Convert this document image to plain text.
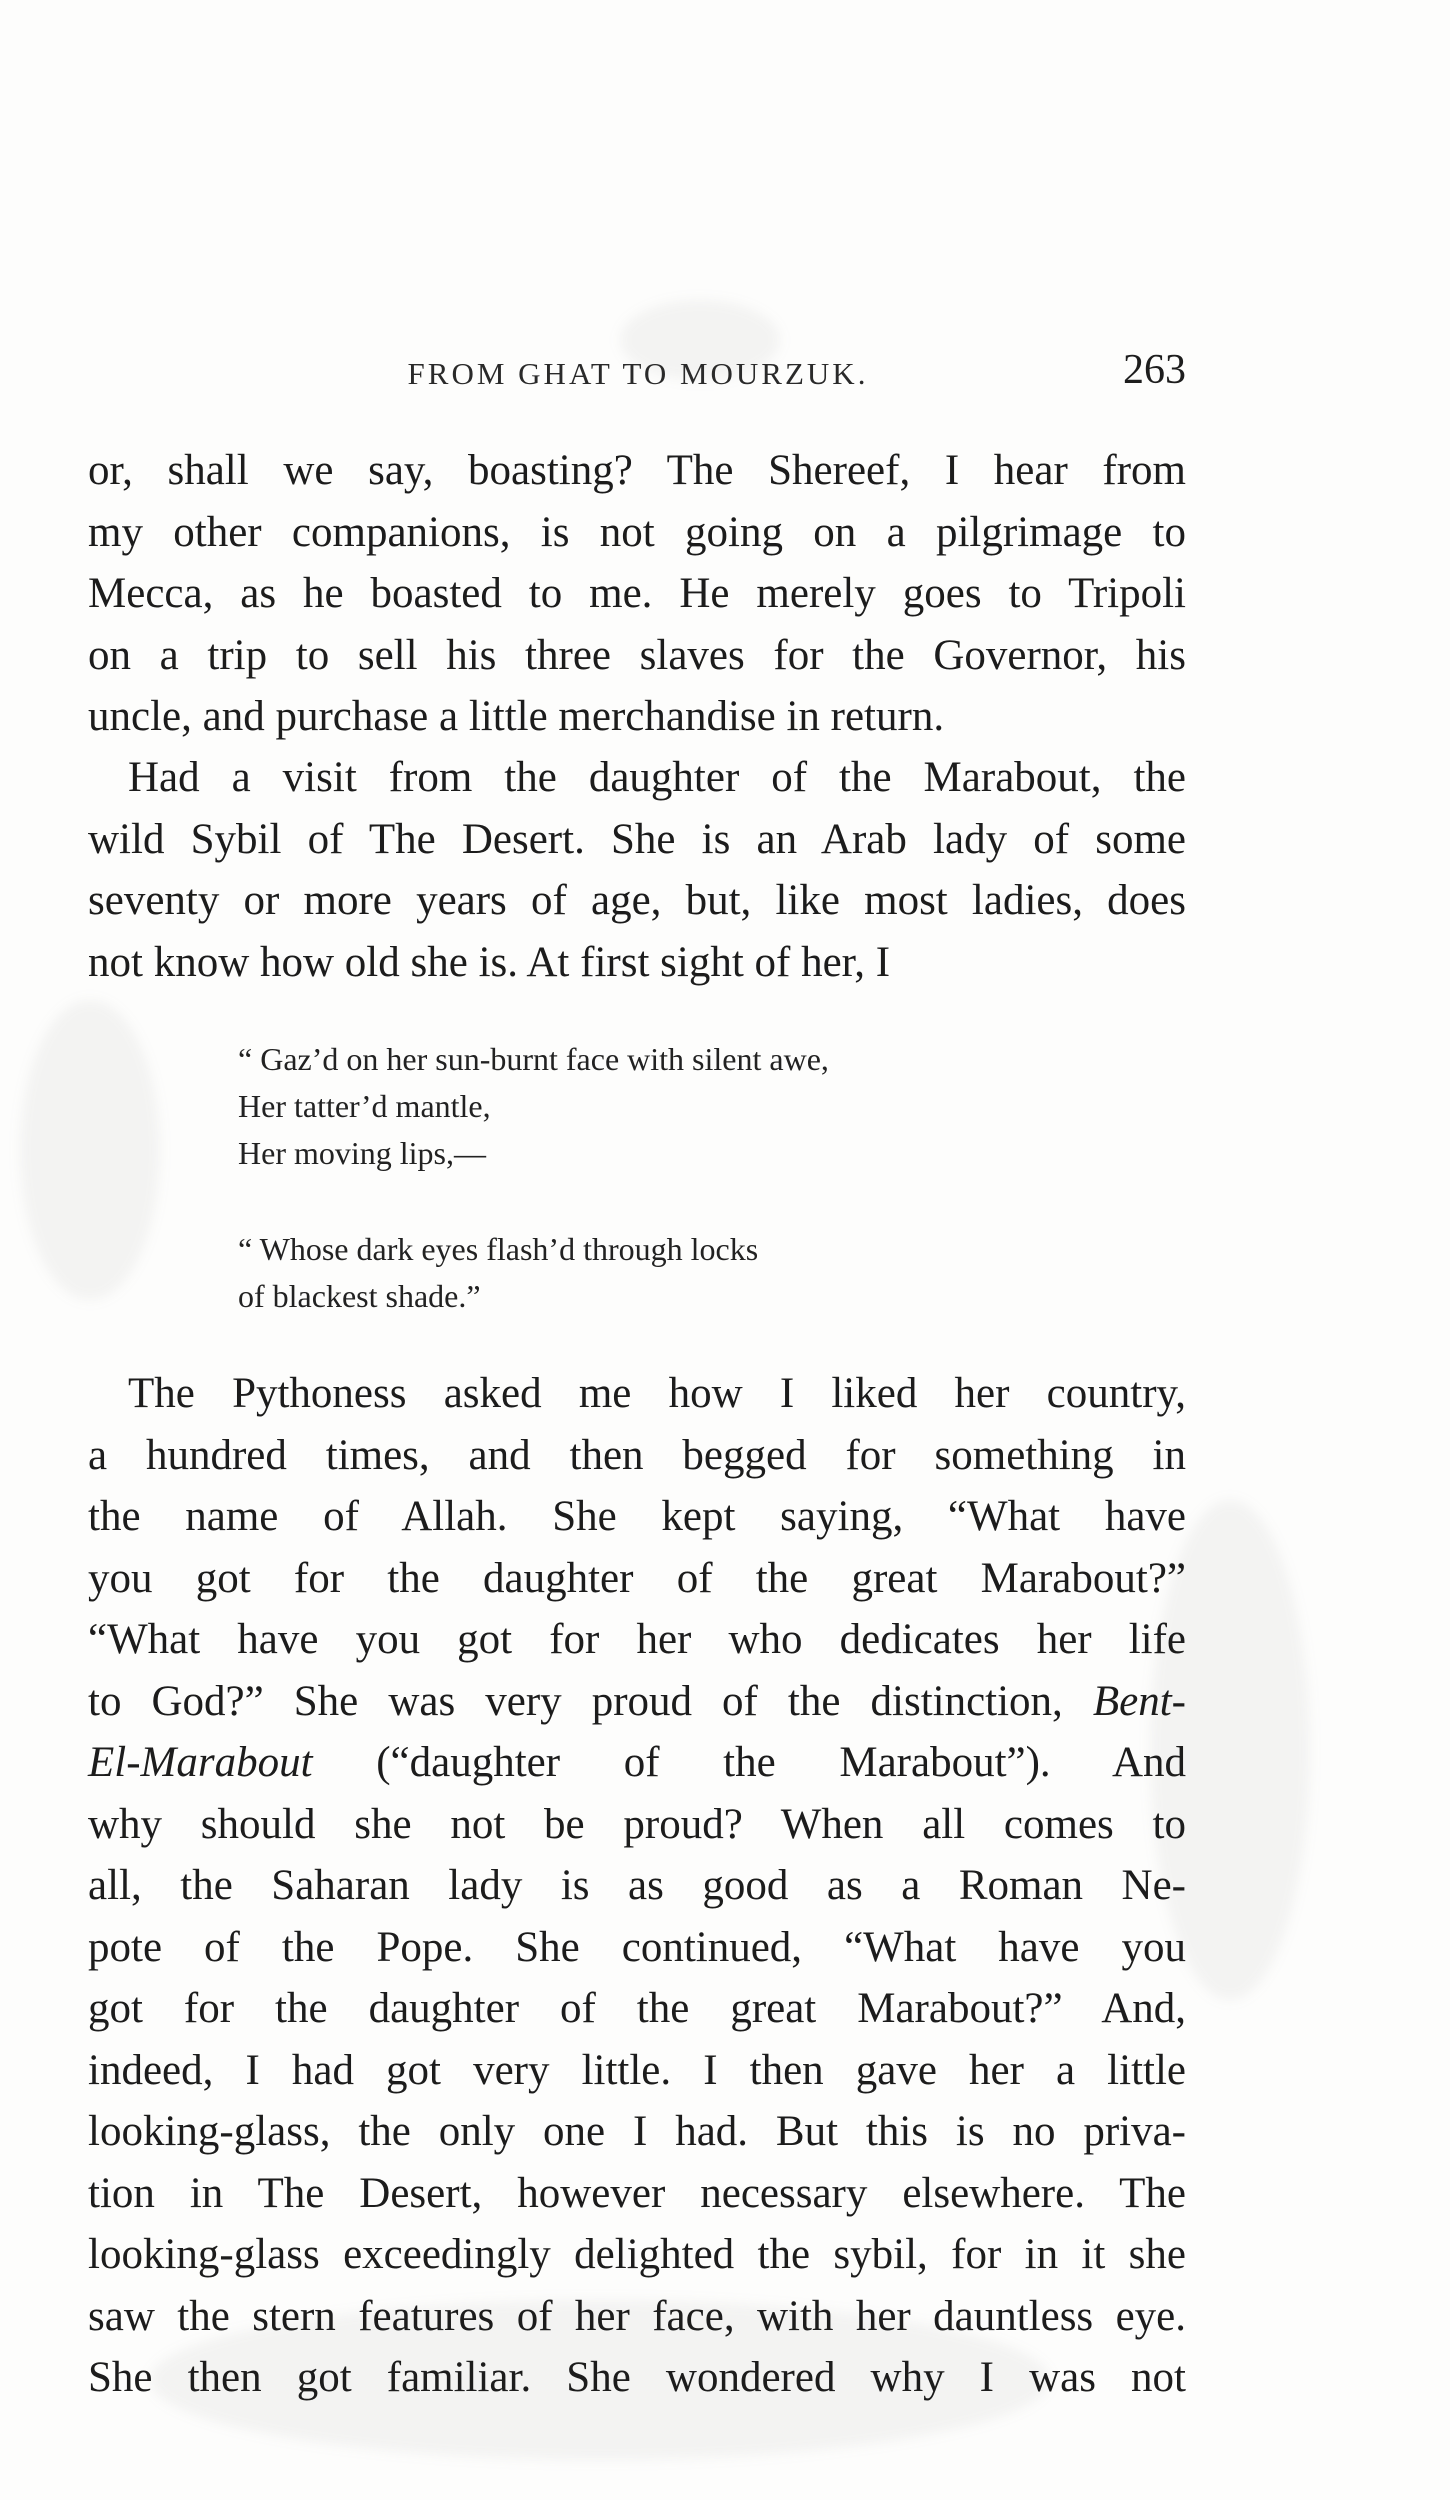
FROM GHAT TO MOURZUK.	263
or, shall we say, boasting? The Shereef, I hear from
my other companions, is not going on a pilgrimage to
Mecca, as he boasted to me. He merely goes to Tripoli
on a trip to sell his three slaves for the Governor, his
uncle, and purchase a little merchandise in return.
Had a visit from the daughter of the Marabout, the
wild Sybil of The Desert. She is an Arab lady of some
seventy or more years of age, but, like most ladies, does
not know how old she is. At first sight of her, I
“ Gaz’d on her sun-burnt face with silent awe,
Her tatter’d mantle,
Her moving lips,—
“ Whose dark eyes flash’d through locks
of blackest shade.”
The Pythoness asked me how I liked her country,
a hundred times, and then begged for something in
the name of Allah. She kept saying, “What have
you got for the daughter of the great Marabout?”
“What have you got for her who dedicates her life
to God?” She was very proud of the distinction, Bent-
El-Marabout (“daughter of the Marabout”). And
why should she not be proud? When all comes to
all, the Saharan lady is as good as a Roman Ne-
pote of the Pope. She continued, “What have you
got for the daughter of the great Marabout?” And,
indeed, I had got very little. I then gave her a little
looking-glass, the only one I had. But this is no priva-
tion in The Desert, however necessary elsewhere. The
looking-glass exceedingly delighted the sybil, for in it she
saw the stern features of her face, with her dauntless eye.
She then got familiar. She wondered why I was not
